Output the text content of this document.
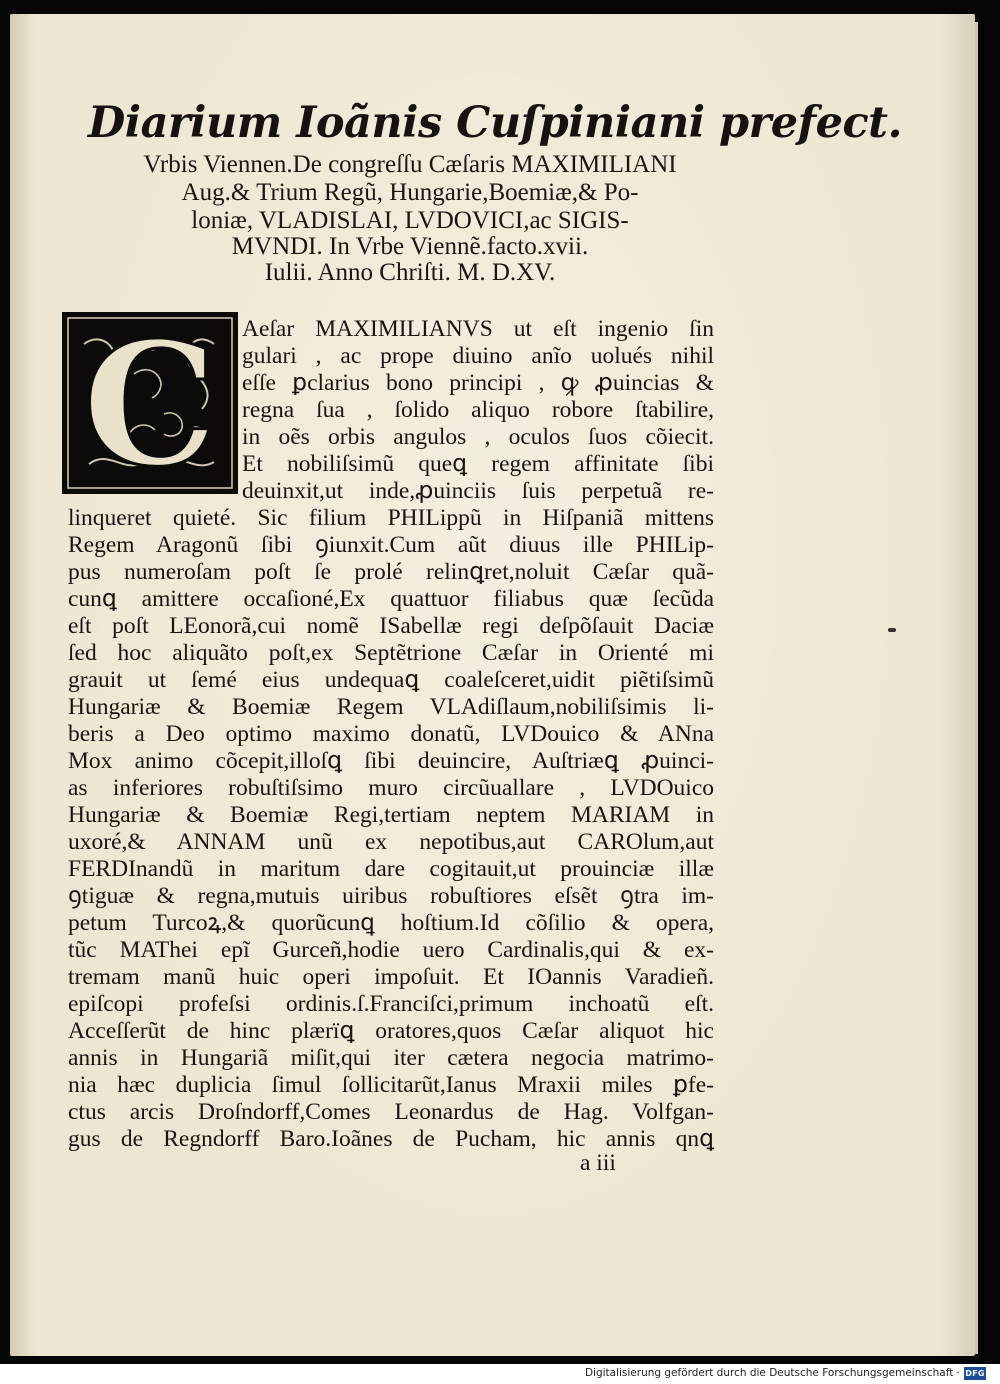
Diarium Ioãnis Cuſpiniani prefect.
Vrbis Viennen.De congreſſu Cæſaris MAXIMILIANI
Aug.& Trium Regũ, Hungarie,Boemiæ,& Po-
loniæ, VLADISLAI, LVDOVICI,ac SIGIS-
MVNDI. In Vrbe Viennẽ.facto.xvii.
Iulii. Anno Chriſti. M. D.XV.
C Aeſar MAXIMILIANVS ut eſt ingenio ſin
gulari , ac prope diuino anĩo uolués nihil
eſſe ꝑclarius bono principi , ꝙ ꝓuincias &
regna ſua , ſolido aliquo robore ſtabilire,
in oẽs orbis angulos , oculos ſuos cõiecit.
Et nobiliſsimũ queꝗ regem affinitate ſibi
deuinxit,ut inde,ꝓuinciis ſuis perpetuã re-
linqueret quieté. Sic filium PHILippũ in Hiſpaniã mittens
Regem Aragonũ ſibi ꝯiunxit.Cum aũt diuus ille PHILip-
pus numeroſam poſt ſe prolé relinꝗret,noluit Cæſar quã-
cunꝗ amittere occaſioné,Ex quattuor filiabus quæ ſecũda
eſt poſt LEonorã,cui nomẽ ISabellæ regi deſpõſauit Daciæ
ſed hoc aliquãto poſt,ex Septẽtrione Cæſar in Orienté mi
grauit ut ſemé eius undequaꝗ coaleſceret,uidit piẽtiſsimũ
Hungariæ & Boemiæ Regem VLAdiſlaum,nobiliſsimis li-
beris a Deo optimo maximo donatũ, LVDouico & ANna
Mox animo cõcepit,illoſꝗ ſibi deuincire, Auſtriæꝗ ꝓuinci-
as inferiores robuſtiſsimo muro circũuallare , LVDOuico
Hungariæ & Boemiæ Regi,tertiam neptem MARIAM in
uxoré,& ANNAM unũ ex nepotibus,aut CAROlum,aut
FERDInandũ in maritum dare cogitauit,ut prouinciæ illæ
ꝯtiguæ & regna,mutuis uiribus robuſtiores eſsẽt ꝯtra im-
petum Turcoꝝ,& quorũcunꝗ hoſtium.Id cõſilio & opera,
tũc MAThei epĩ Gurceñ,hodie uero Cardinalis,qui & ex-
tremam manũ huic operi impoſuit. Et IOannis Varadieñ.
epiſcopi profeſsi ordinis.ſ.Franciſci,primum inchoatũ eſt.
Acceſſerũt de hinc plærïꝗ oratores,quos Cæſar aliquot hic
annis in Hungariã miſit,qui iter cætera negocia matrimo-
nia hæc duplicia ſimul ſollicitarũt,Ianus Mraxii miles ꝑfe-
ctus arcis Droſndorff,Comes Leonardus de Hag. Volfgan-
gus de Regndorff Baro.Ioãnes de Pucham, hic annis qnꝗ
a iii
Digitalisierung gefördert durch die Deutsche Forschungsgemeinschaft · DFG
